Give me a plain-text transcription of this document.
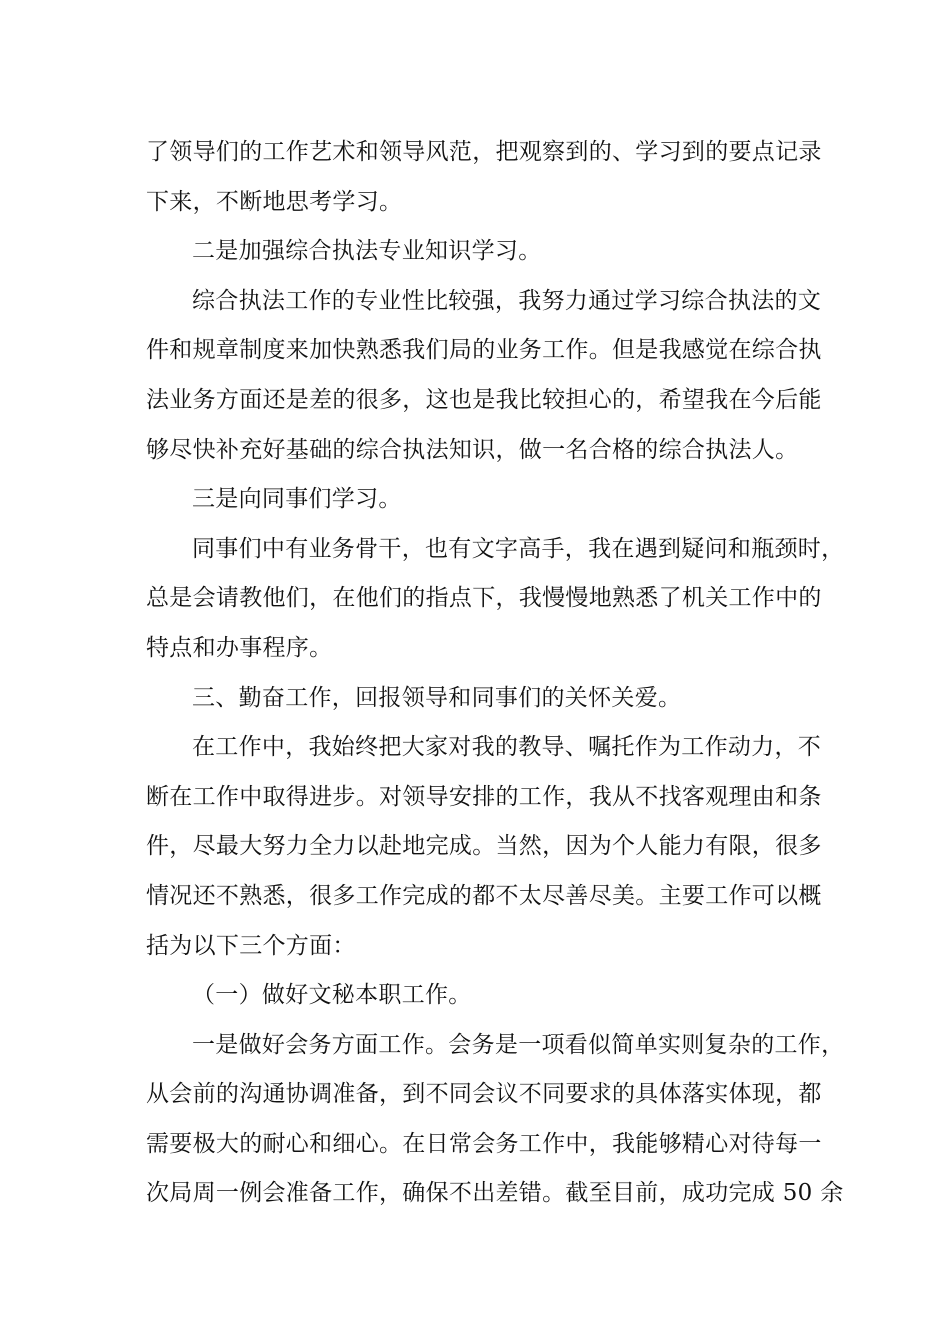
了领导们的工作艺术和领导风范，把观察到的、学习到的要点记录
下来，不断地思考学习。
二是加强综合执法专业知识学习。
综合执法工作的专业性比较强，我努力通过学习综合执法的文
件和规章制度来加快熟悉我们局的业务工作。但是我感觉在综合执
法业务方面还是差的很多，这也是我比较担心的，希望我在今后能
够尽快补充好基础的综合执法知识，做一名合格的综合执法人。
三是向同事们学习。
同事们中有业务骨干，也有文字高手，我在遇到疑问和瓶颈时，
总是会请教他们，在他们的指点下，我慢慢地熟悉了机关工作中的
特点和办事程序。
三、勤奋工作，回报领导和同事们的关怀关爱。
在工作中，我始终把大家对我的教导、嘱托作为工作动力，不
断在工作中取得进步。对领导安排的工作，我从不找客观理由和条
件，尽最大努力全力以赴地完成。当然，因为个人能力有限，很多
情况还不熟悉，很多工作完成的都不太尽善尽美。主要工作可以概
括为以下三个方面：
（一）做好文秘本职工作。
一是做好会务方面工作。会务是一项看似简单实则复杂的工作，
从会前的沟通协调准备，到不同会议不同要求的具体落实体现，都
需要极大的耐心和细心。在日常会务工作中，我能够精心对待每一
次局周一例会准备工作，确保不出差错。截至目前，成功完成 50 余
